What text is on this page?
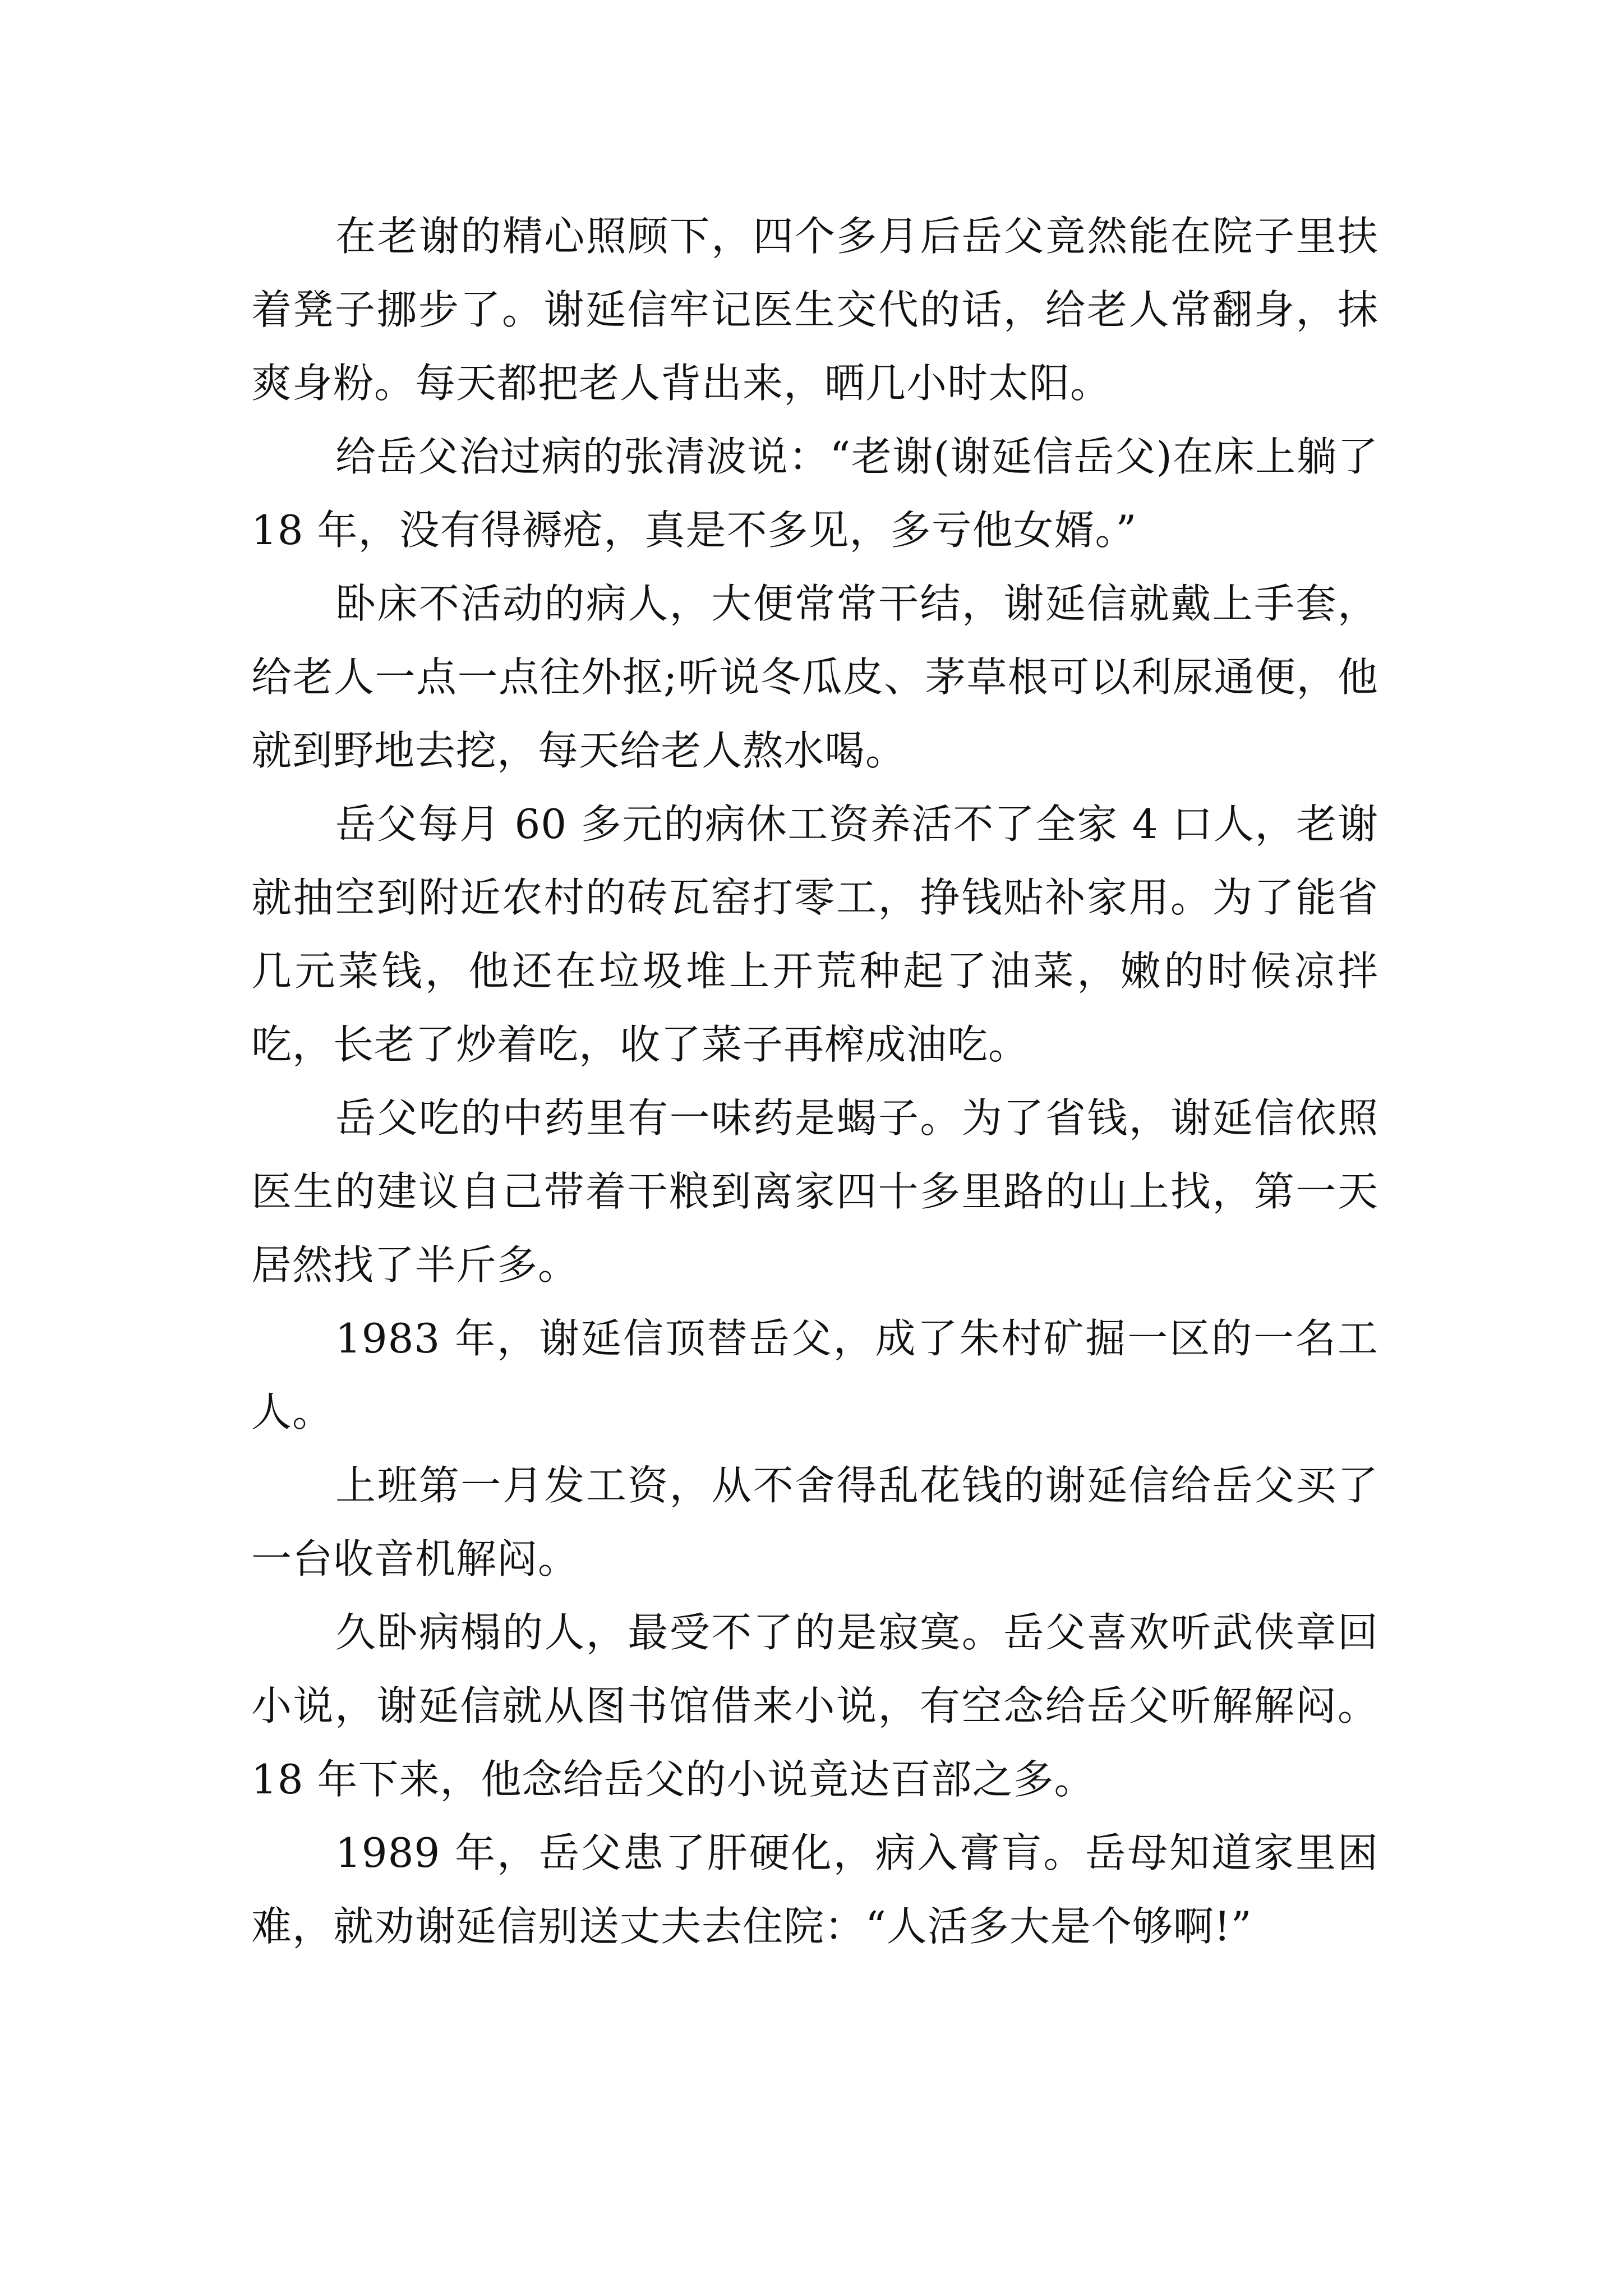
在老谢的精心照顾下，四个多月后岳父竟然能在院子里扶着凳子挪步了。谢延信牢记医生交代的话，给老人常翻身，抹爽身粉。每天都把老人背出来，晒几小时太阳。

给岳父治过病的张清波说：“老谢(谢延信岳父)在床上躺了 18 年，没有得褥疮，真是不多见，多亏他女婿。”

卧床不活动的病人，大便常常干结，谢延信就戴上手套，给老人一点一点往外抠;听说冬瓜皮、茅草根可以利尿通便，他就到野地去挖，每天给老人熬水喝。

岳父每月 60 多元的病休工资养活不了全家 4 口人，老谢就抽空到附近农村的砖瓦窑打零工，挣钱贴补家用。为了能省几元菜钱，他还在垃圾堆上开荒种起了油菜，嫩的时候凉拌吃，长老了炒着吃，收了菜子再榨成油吃。

岳父吃的中药里有一味药是蝎子。为了省钱，谢延信依照医生的建议自己带着干粮到离家四十多里路的山上找，第一天居然找了半斤多。

1983 年，谢延信顶替岳父，成了朱村矿掘一区的一名工人。

上班第一月发工资，从不舍得乱花钱的谢延信给岳父买了一台收音机解闷。

久卧病榻的人，最受不了的是寂寞。岳父喜欢听武侠章回小说，谢延信就从图书馆借来小说，有空念给岳父听解解闷。18 年下来，他念给岳父的小说竟达百部之多。

1989 年，岳父患了肝硬化，病入膏肓。岳母知道家里困难，就劝谢延信别送丈夫去住院：“人活多大是个够啊!”
